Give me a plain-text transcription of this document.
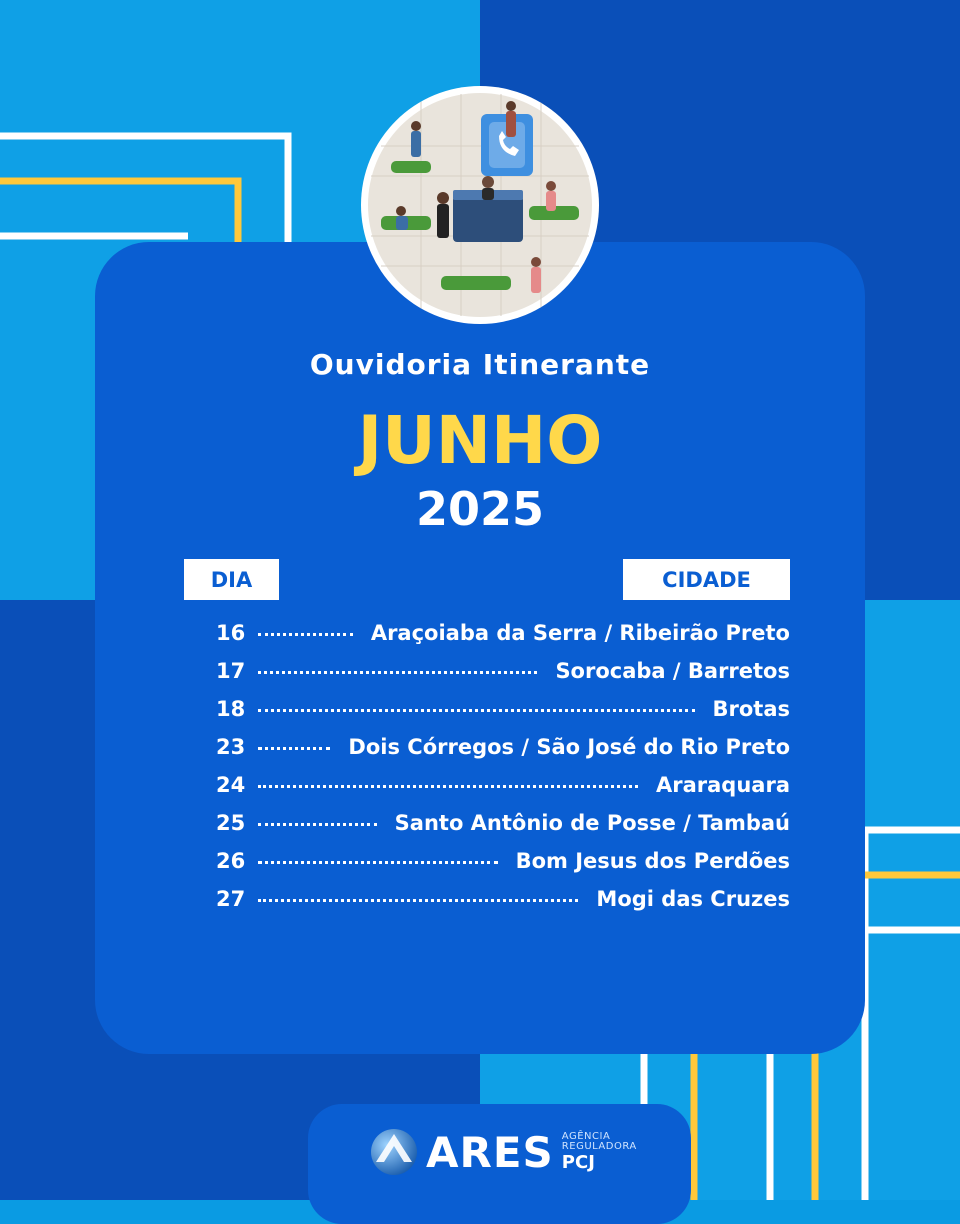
Ouvidoria Itinerante
JUNHO
2025
DIA	CIDADE
16	Araçoiaba da Serra / Ribeirão Preto
17	Sorocaba / Barretos
18	Brotas
23	Dois Córregos / São José do Rio Preto
24	Araraquara
25	Santo Antônio de Posse / Tambaú
26	Bom Jesus dos Perdões
27	Mogi das Cruzes
ARES AGÊNCIA
REGULADORA
PCJ
